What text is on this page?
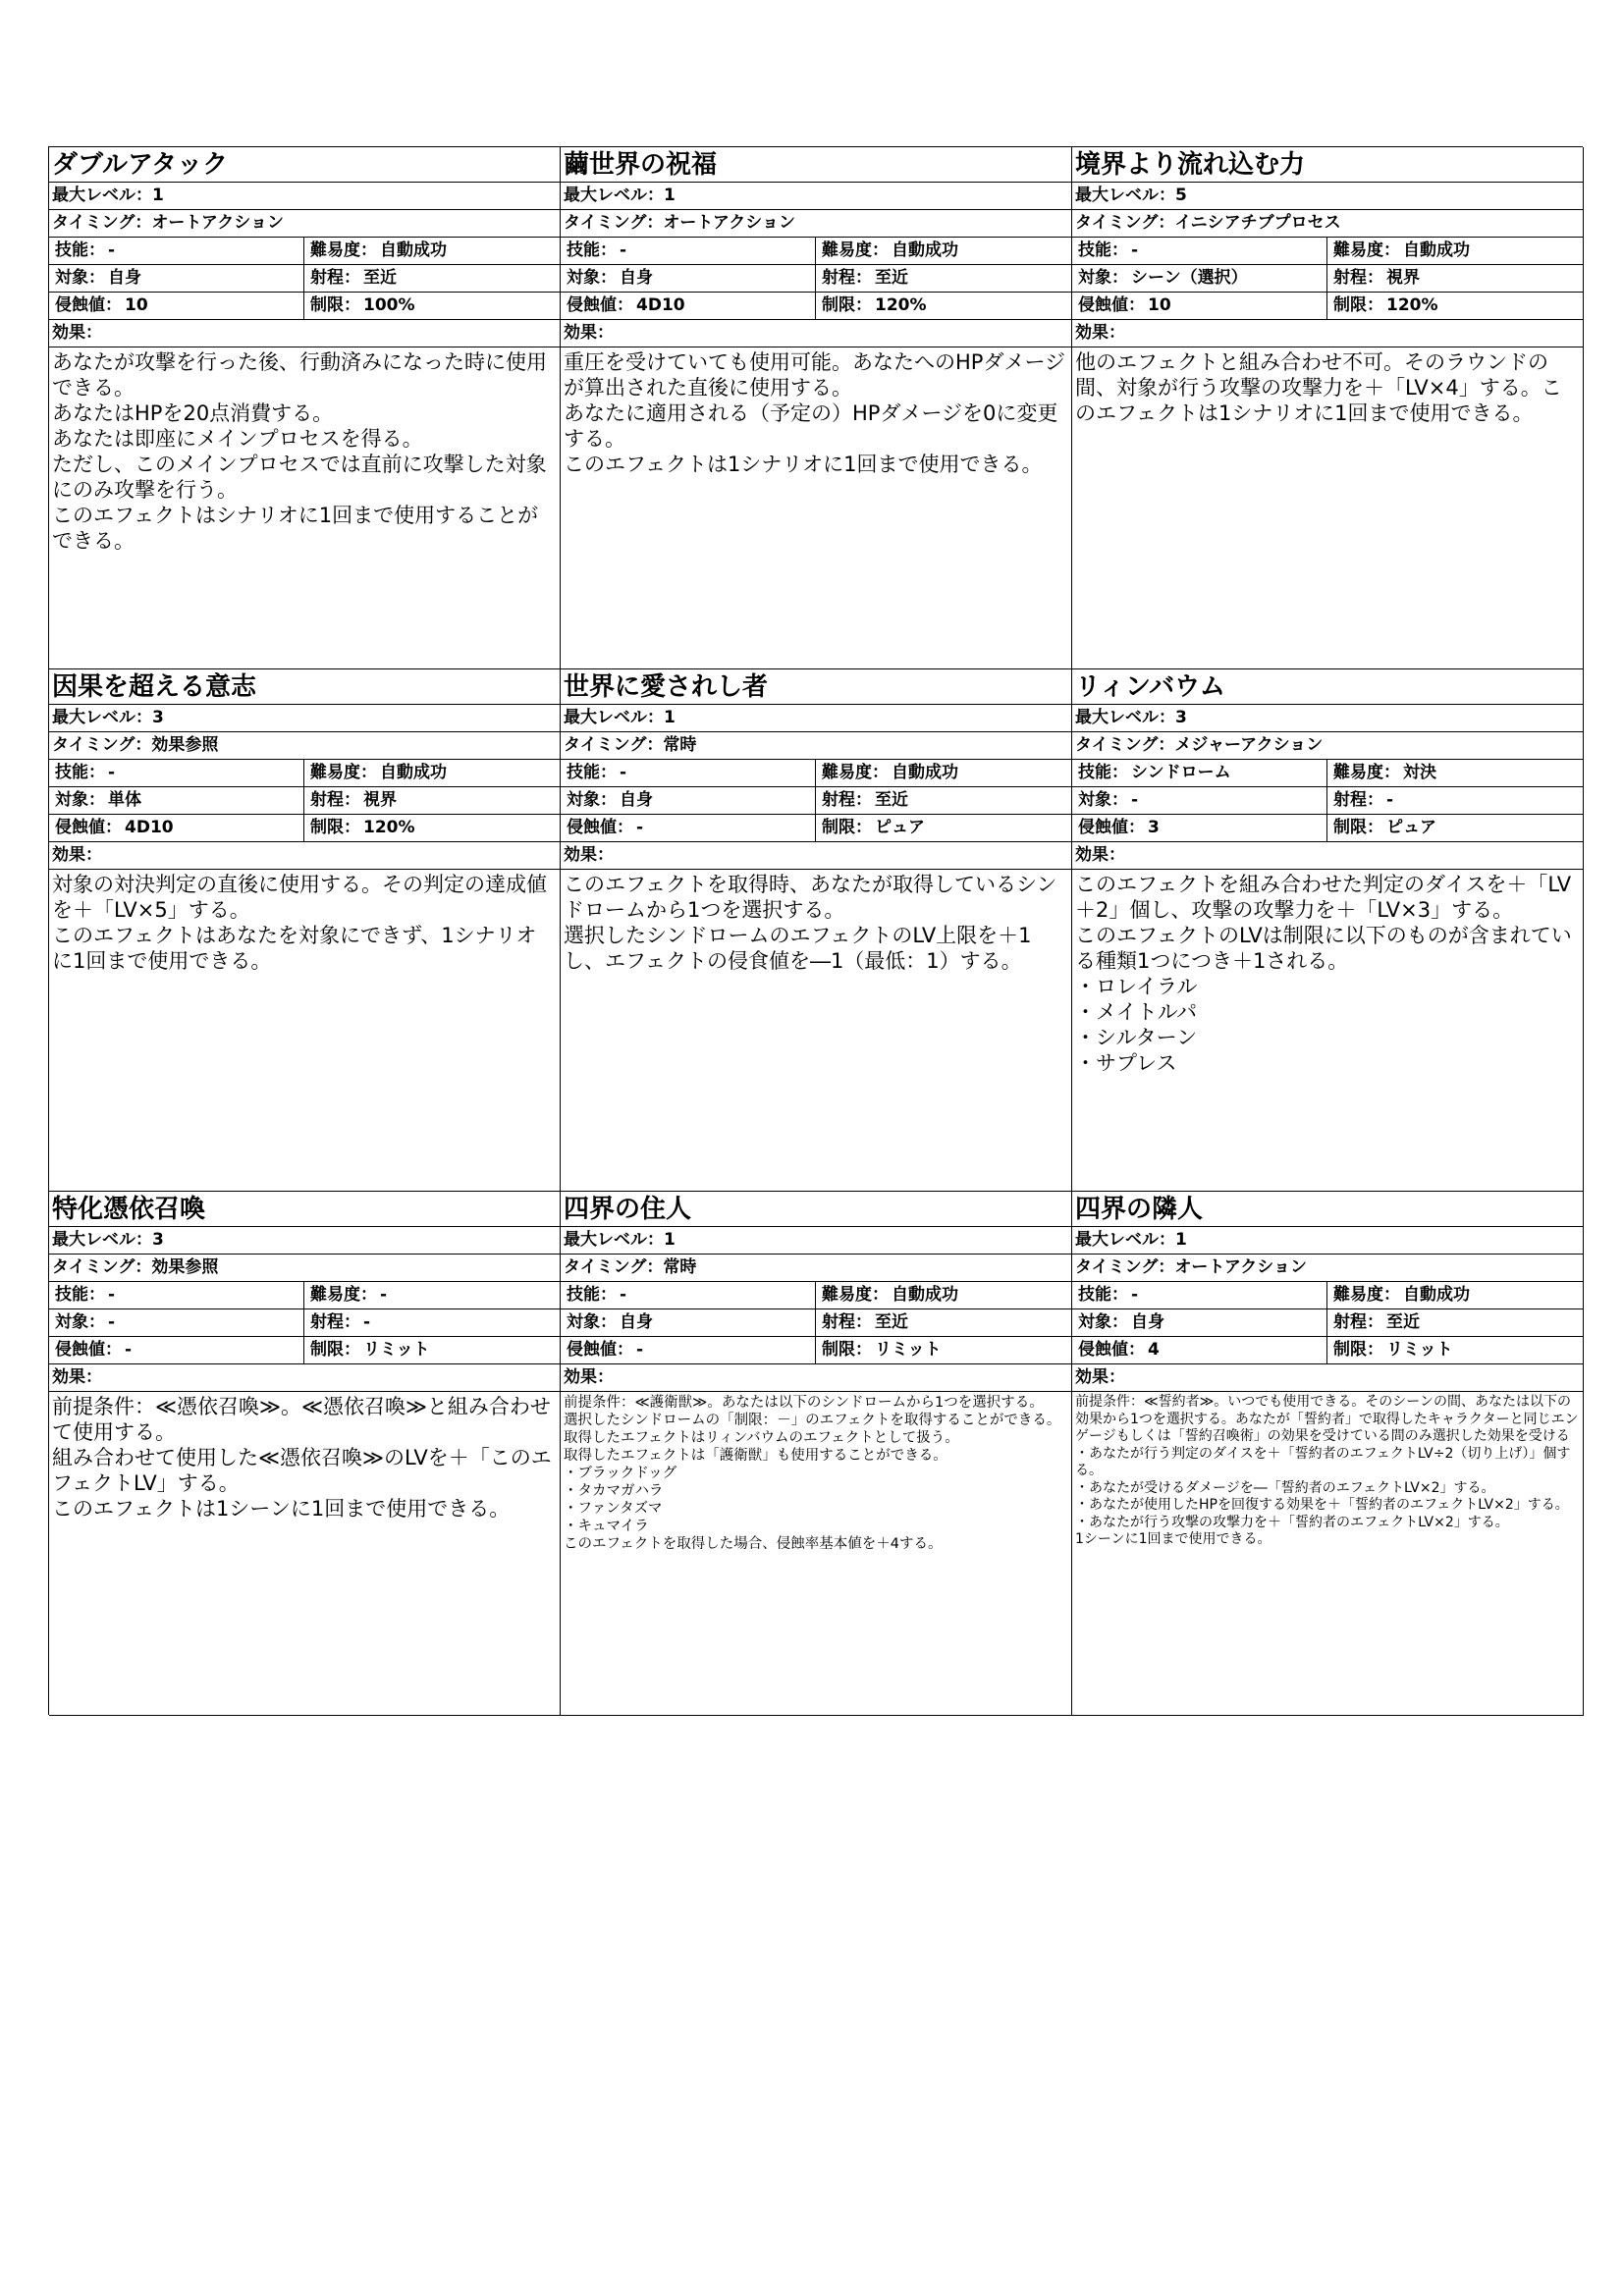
ダブルアタック
最大レベル：1
タイミング：オートアクション
技能： -	難易度： 自動成功
対象： 自身	射程： 至近
侵蝕値： 10	制限： 100%
効果：
あなたが攻撃を行った後、行動済みになった時に使用できる。
あなたはHPを20点消費する。
あなたは即座にメインプロセスを得る。
ただし、このメインプロセスでは直前に攻撃した対象にのみ攻撃を行う。
このエフェクトはシナリオに1回まで使用することができる。
繭世界の祝福
最大レベル：1
タイミング：オートアクション
技能： -	難易度： 自動成功
対象： 自身	射程： 至近
侵蝕値： 4D10	制限： 120%
効果：
重圧を受けていても使用可能。あなたへのHPダメージが算出された直後に使用する。
あなたに適用される（予定の）HPダメージを0に変更する。
このエフェクトは1シナリオに1回まで使用できる。
境界より流れ込む力
最大レベル：5
タイミング：イニシアチブプロセス
技能： -	難易度： 自動成功
対象： シーン（選択）	射程： 視界
侵蝕値： 10	制限： 120%
効果：
他のエフェクトと組み合わせ不可。そのラウンドの間、対象が行う攻撃の攻撃力を＋「LV×4」する。このエフェクトは1シナリオに1回まで使用できる。
因果を超える意志
最大レベル：3
タイミング：効果参照
技能： -	難易度： 自動成功
対象： 単体	射程： 視界
侵蝕値： 4D10	制限： 120%
効果：
対象の対決判定の直後に使用する。その判定の達成値を＋「LV×5」する。
このエフェクトはあなたを対象にできず、1シナリオに1回まで使用できる。
世界に愛されし者
最大レベル：1
タイミング：常時
技能： -	難易度： 自動成功
対象： 自身	射程： 至近
侵蝕値： -	制限： ピュア
効果：
このエフェクトを取得時、あなたが取得しているシンドロームから1つを選択する。
選択したシンドロームのエフェクトのLV上限を＋1し、エフェクトの侵食値を―1（最低：1）する。
リィンバウム
最大レベル：3
タイミング：メジャーアクション
技能： シンドローム	難易度： 対決
対象： -	射程： -
侵蝕値： 3	制限： ピュア
効果：
このエフェクトを組み合わせた判定のダイスを＋「LV＋2」個し、攻撃の攻撃力を＋「LV×3」する。
このエフェクトのLVは制限に以下のものが含まれている種類1つにつき＋1される。
・ロレイラル
・メイトルパ
・シルターン
・サプレス
特化憑依召喚
最大レベル：3
タイミング：効果参照
技能： -	難易度： -
対象： -	射程： -
侵蝕値： -	制限： リミット
効果：
前提条件：≪憑依召喚≫。≪憑依召喚≫と組み合わせて使用する。
組み合わせて使用した≪憑依召喚≫のLVを＋「このエフェクトLV」する。
このエフェクトは1シーンに1回まで使用できる。
四界の住人
最大レベル：1
タイミング：常時
技能： -	難易度： 自動成功
対象： 自身	射程： 至近
侵蝕値： -	制限： リミット
効果：
前提条件：≪護衛獣≫。あなたは以下のシンドロームから1つを選択する。
選択したシンドロームの「制限：－」のエフェクトを取得することができる。
取得したエフェクトはリィンバウムのエフェクトとして扱う。
取得したエフェクトは「護衛獣」も使用することができる。
・ブラックドッグ
・タカマガハラ
・ファンタズマ
・キュマイラ
このエフェクトを取得した場合、侵蝕率基本値を＋4する。
四界の隣人
最大レベル：1
タイミング：オートアクション
技能： -	難易度： 自動成功
対象： 自身	射程： 至近
侵蝕値： 4	制限： リミット
効果：
前提条件：≪誓約者≫。いつでも使用できる。そのシーンの間、あなたは以下の効果から1つを選択する。あなたが「誓約者」で取得したキャラクターと同じエンゲージもしくは「誓約召喚術」の効果を受けている間のみ選択した効果を受ける
・あなたが行う判定のダイスを＋「誓約者のエフェクトLV÷2（切り上げ）」個する。
・あなたが受けるダメージを―「誓約者のエフェクトLV×2」する。
・あなたが使用したHPを回復する効果を＋「誓約者のエフェクトLV×2」する。
・あなたが行う攻撃の攻撃力を＋「誓約者のエフェクトLV×2」する。
1シーンに1回まで使用できる。
